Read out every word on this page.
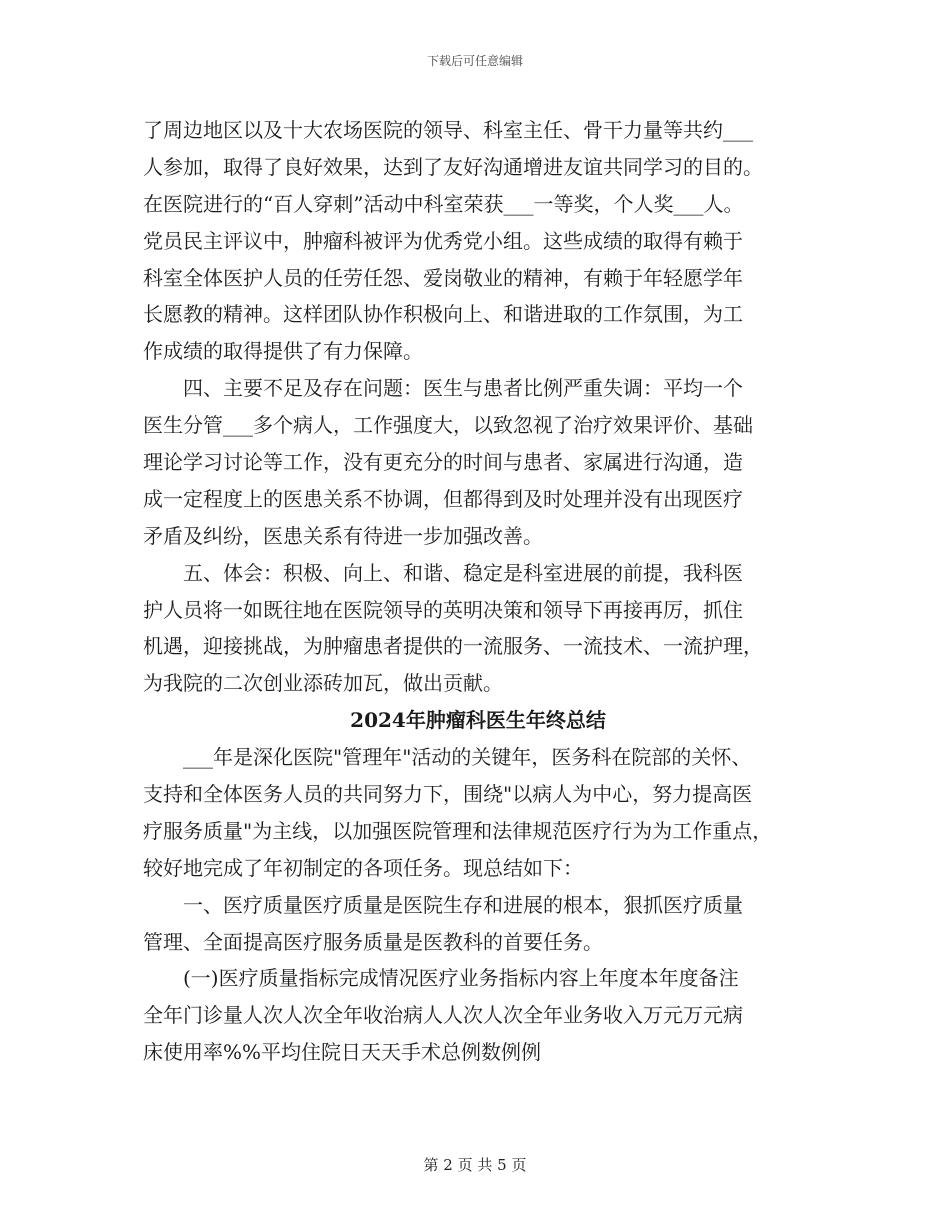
下载后可任意编辑
了周边地区以及十大农场医院的领导、科室主任、骨干力量等共约___
人参加，取得了良好效果，达到了友好沟通增进友谊共同学习的目的。
在医院进行的“百人穿刺”活动中科室荣获___一等奖，个人奖___人。
党员民主评议中，肿瘤科被评为优秀党小组。这些成绩的取得有赖于
科室全体医护人员的任劳任怨、爱岗敬业的精神，有赖于年轻愿学年
长愿教的精神。这样团队协作积极向上、和谐进取的工作氛围，为工
作成绩的取得提供了有力保障。
　　四、主要不足及存在问题：医生与患者比例严重失调：平均一个
医生分管___多个病人，工作强度大，以致忽视了治疗效果评价、基础
理论学习讨论等工作，没有更充分的时间与患者、家属进行沟通，造
成一定程度上的医患关系不协调，但都得到及时处理并没有出现医疗
矛盾及纠纷，医患关系有待进一步加强改善。
　　五、体会：积极、向上、和谐、稳定是科室进展的前提，我科医
护人员将一如既往地在医院领导的英明决策和领导下再接再厉，抓住
机遇，迎接挑战，为肿瘤患者提供的一流服务、一流技术、一流护理，
为我院的二次创业添砖加瓦，做出贡献。
2024年肿瘤科医生年终总结
　　___年是深化医院"管理年"活动的关键年，医务科在院部的关怀、
支持和全体医务人员的共同努力下，围绕"以病人为中心，努力提高医
疗服务质量"为主线，以加强医院管理和法律规范医疗行为为工作重点，
较好地完成了年初制定的各项任务。现总结如下：
　　一、医疗质量医疗质量是医院生存和进展的根本，狠抓医疗质量
管理、全面提高医疗服务质量是医教科的首要任务。
　　(一)医疗质量指标完成情况医疗业务指标内容上年度本年度备注
全年门诊量人次人次全年收治病人人次人次全年业务收入万元万元病
床使用率%%平均住院日天天手术总例数例例
第 2 页 共 5 页
